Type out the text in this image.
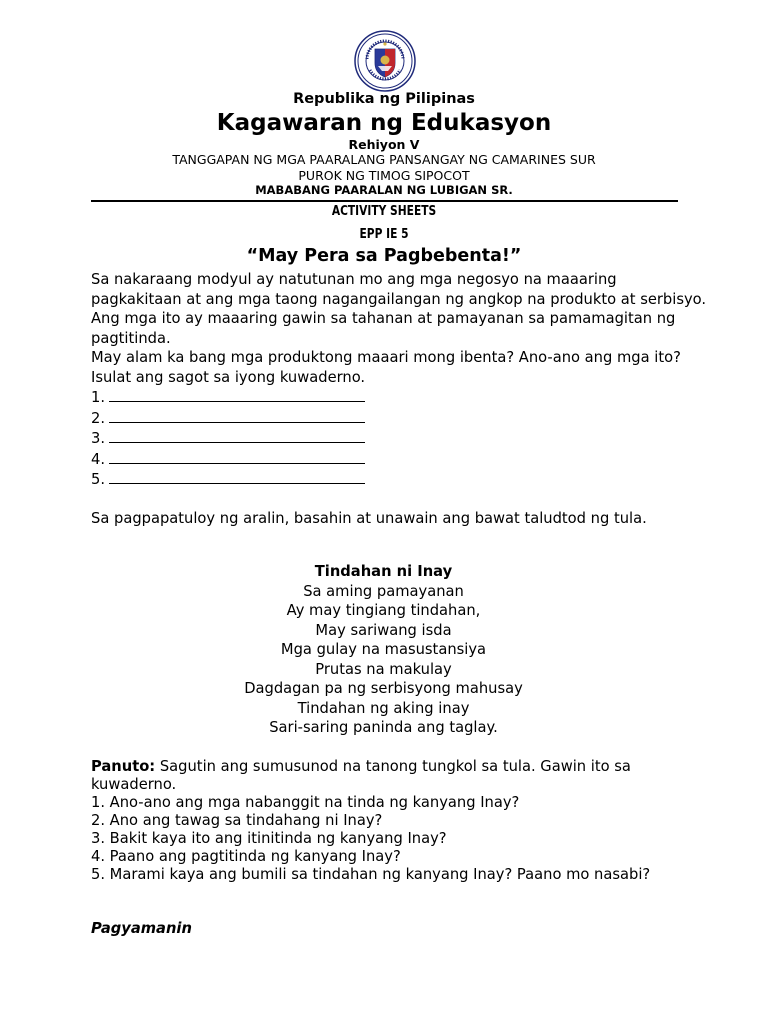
Republika ng Pilipinas
Kagawaran ng Edukasyon
Rehiyon V
TANGGAPAN NG MGA PAARALANG PANSANGAY NG CAMARINES SUR
PUROK NG TIMOG SIPOCOT
MABABANG PAARALAN NG LUBIGAN SR.
ACTIVITY SHEETS
EPP IE 5
“May Pera sa Pagbebenta!”

Sa nakaraang modyul ay natutunan mo ang mga negosyo na maaaring pagkakitaan at ang mga taong nagangailangan ng angkop na produkto at serbisyo.

Ang mga ito ay maaaring gawin sa tahanan at pamayanan sa pamamagitan ng pagtitinda.

May alam ka bang mga produktong maaari mong ibenta? Ano-ano ang mga ito? Isulat ang sagot sa iyong kuwaderno.

1.

2.

3.

4.

5.

Sa pagpapatuloy ng aralin, basahin at unawain ang bawat taludtod ng tula.

Tindahan ni Inay
Sa aming pamayanan
Ay may tingiang tindahan,
May sariwang isda
Mga gulay na masustansiya
Prutas na makulay
Dagdagan pa ng serbisyong mahusay
Tindahan ng aking inay
Sari-saring paninda ang taglay.

Panuto: Sagutin ang sumusunod na tanong tungkol sa tula. Gawin ito sa kuwaderno.

1. Ano-ano ang mga nabanggit na tinda ng kanyang Inay?

2. Ano ang tawag sa tindahang ni Inay?

3. Bakit kaya ito ang itinitinda ng kanyang Inay?

4. Paano ang pagtitinda ng kanyang Inay?

5. Marami kaya ang bumili sa tindahan ng kanyang Inay? Paano mo nasabi?

Pagyamanin
